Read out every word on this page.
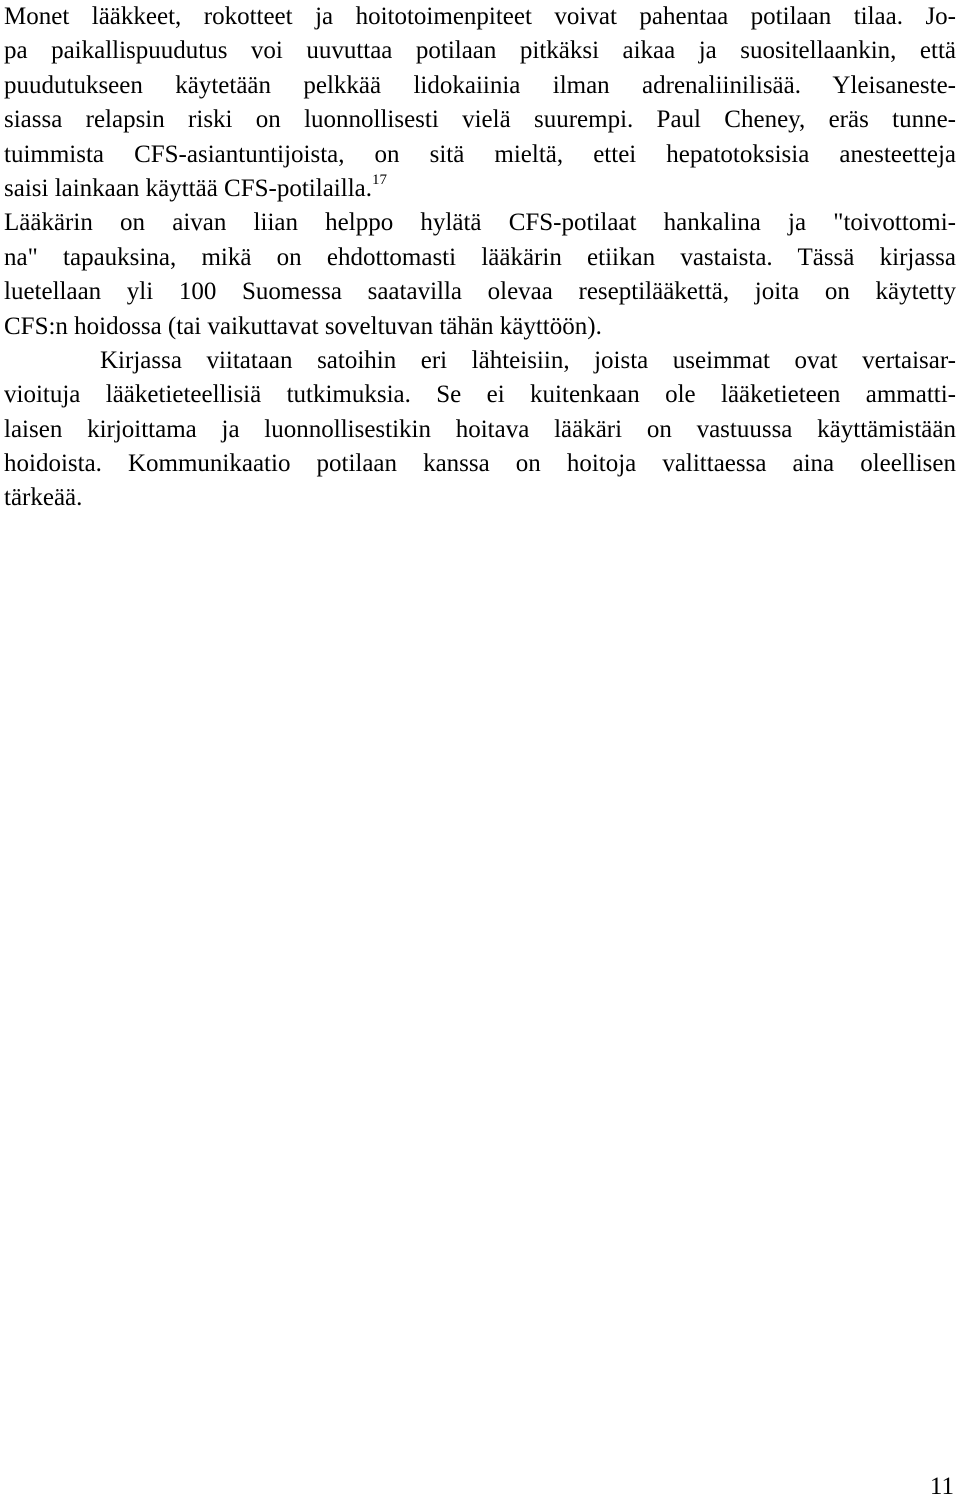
Monet lääkkeet, rokotteet ja hoitotoimenpiteet voivat pahentaa potilaan tilaa. Jo-
pa paikallispuudutus voi uuvuttaa potilaan pitkäksi aikaa ja suositellaankin, että
puudutukseen käytetään pelkkää lidokaiinia ilman adrenaliinilisää. Yleisaneste-
siassa relapsin riski on luonnollisesti vielä suurempi. Paul Cheney, eräs tunne-
tuimmista CFS-asiantuntijoista, on sitä mieltä, ettei hepatotoksisia anesteetteja
saisi lainkaan käyttää CFS-potilailla.$^{17}$
Lääkärin on aivan liian helppo hylätä CFS-potilaat hankalina ja "toivottomi-
na" tapauksina, mikä on ehdottomasti lääkärin etiikan vastaista. Tässä kirjassa
luetellaan yli 100 Suomessa saatavilla olevaa reseptilääkettä, joita on käytetty
CFS:n hoidossa (tai vaikuttavat soveltuvan tähän käyttöön).
Kirjassa viitataan satoihin eri lähteisiin, joista useimmat ovat vertaisar-
vioituja lääketieteellisiä tutkimuksia. Se ei kuitenkaan ole lääketieteen ammatti-
laisen kirjoittama ja luonnollisestikin hoitava lääkäri on vastuussa käyttämistään
hoidoista. Kommunikaatio potilaan kanssa on hoitoja valittaessa aina oleellisen
tärkeää.
11
